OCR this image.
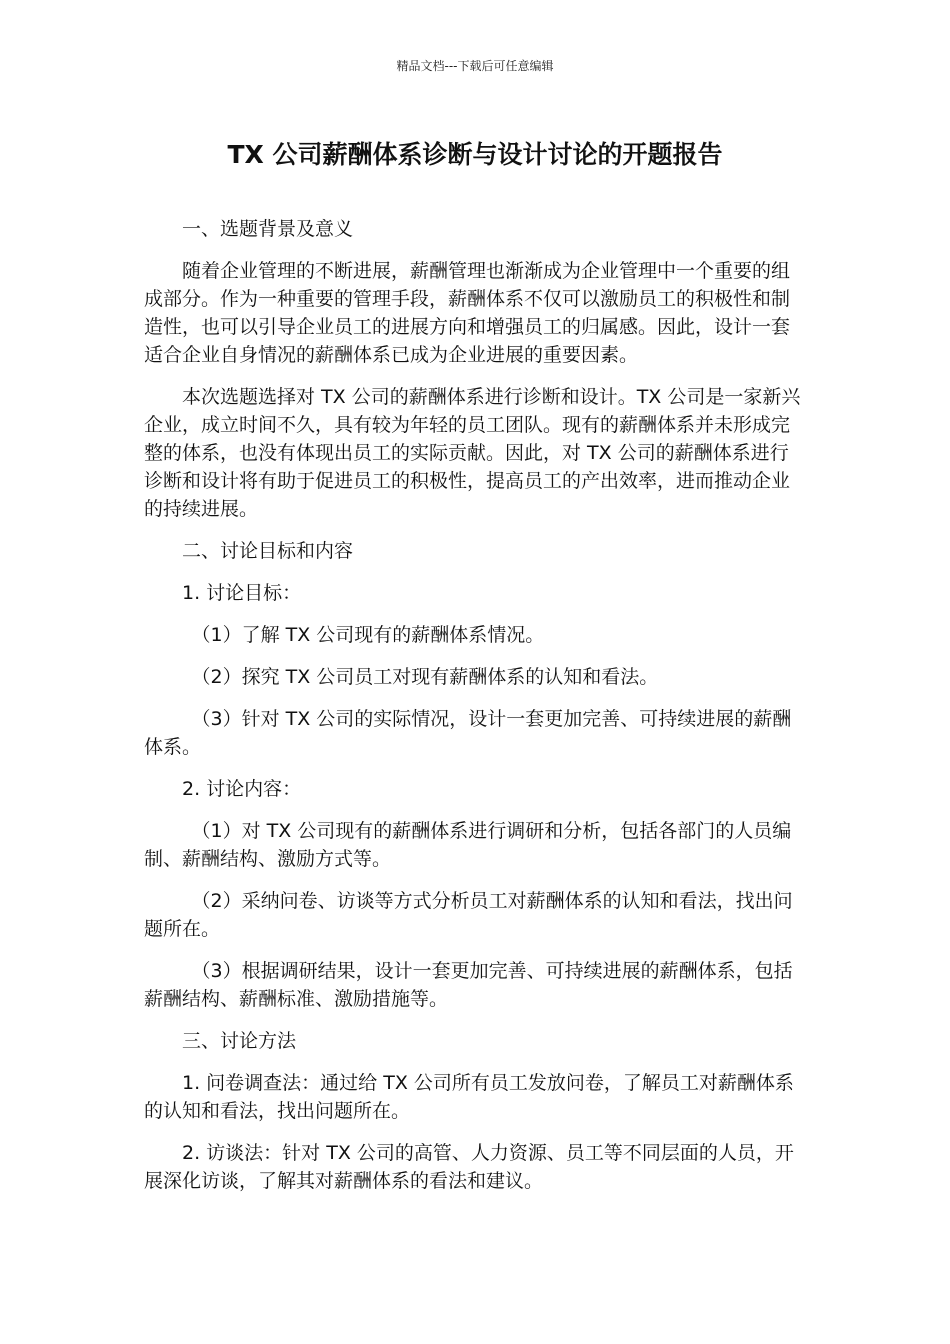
精品文档---下载后可任意编辑
TX 公司薪酬体系诊断与设计讨论的开题报告

一、选题背景及意义

随着企业管理的不断进展，薪酬管理也渐渐成为企业管理中一个重要的组成部分。作为一种重要的管理手段，薪酬体系不仅可以激励员工的积极性和制造性，也可以引导企业员工的进展方向和增强员工的归属感。因此，设计一套适合企业自身情况的薪酬体系已成为企业进展的重要因素。

本次选题选择对 TX 公司的薪酬体系进行诊断和设计。TX 公司是一家新兴企业，成立时间不久，具有较为年轻的员工团队。现有的薪酬体系并未形成完整的体系，也没有体现出员工的实际贡献。因此，对 TX 公司的薪酬体系进行诊断和设计将有助于促进员工的积极性，提高员工的产出效率，进而推动企业的持续进展。

二、讨论目标和内容

1. 讨论目标：

（1）了解 TX 公司现有的薪酬体系情况。

（2）探究 TX 公司员工对现有薪酬体系的认知和看法。

（3）针对 TX 公司的实际情况，设计一套更加完善、可持续进展的薪酬体系。

2. 讨论内容：

（1）对 TX 公司现有的薪酬体系进行调研和分析，包括各部门的人员编制、薪酬结构、激励方式等。

（2）采纳问卷、访谈等方式分析员工对薪酬体系的认知和看法，找出问题所在。

（3）根据调研结果，设计一套更加完善、可持续进展的薪酬体系，包括薪酬结构、薪酬标准、激励措施等。

三、讨论方法

1. 问卷调查法：通过给 TX 公司所有员工发放问卷，了解员工对薪酬体系的认知和看法，找出问题所在。

2. 访谈法：针对 TX 公司的高管、人力资源、员工等不同层面的人员，开展深化访谈，了解其对薪酬体系的看法和建议。
